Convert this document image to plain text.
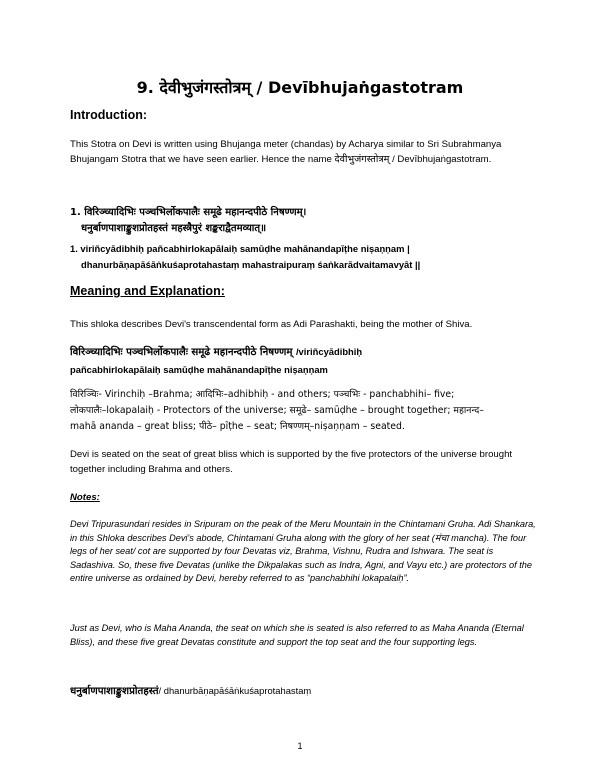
9. देवीभुजंगस्तोत्रम् / Devībhujaṅgastotram
Introduction:
This Stotra on Devi is written using Bhujanga meter (chandas) by Acharya similar to Sri Subrahmanya Bhujangam Stotra that we have seen earlier. Hence the name देवीभुजंगस्तोत्रम् / Devībhujaṅgastotram.
1. विरिञ्च्यादिभिः पञ्चभिर्लोकपालैः समूढे महानन्दपीठे निषण्णम्।
धनुर्बाणपाशाङ्कुशप्रोतहस्तं महस्त्रैपुरं शङ्कराद्वैतमव्यात्॥
1. viriñcyādibhiḥ pañcabhirlokapālaiḥ samūḍhe mahānandapīṭhe niṣaṇṇam |
dhanurbāṇapāśāṅkuśaprotahastaṃ mahastraipuraṃ śaṅkarādvaitamavyāt ||
Meaning and Explanation:
This shloka describes Devi's transcendental form as Adi Parashakti, being the mother of Shiva.
विरिञ्च्यादिभिः पञ्चभिर्लोकपालैः समूढे महानन्दपीठे निषण्णम् /viriñcyādibhiḥ
pañcabhirlokapālaiḥ samūḍhe mahānandapīṭhe niṣaṇṇam
विरिञ्चिः- Virinchiḥ –Brahma; आदिभिः–adhibhiḥ - and others; पञ्चभिः - panchabhihi– five;
लोकपालैः–lokapalaiḥ - Protectors of the universe; समूढे– samūḍhe – brought together; महानन्द–
mahā ananda – great bliss; पीठे– pīṭhe – seat; निषण्णम्–niṣaṇṇam – seated.
Devi is seated on the seat of great bliss which is supported by the five protectors of the universe brought together including Brahma and others.
Notes:
Devi Tripurasundari resides in Sripuram on the peak of the Meru Mountain in the Chintamani Gruha. Adi Shankara, in this Shloka describes Devi's abode, Chintamani Gruha along with the glory of her seat (मंचा mancha). The four legs of her seat/ cot are supported by four Devatas viz, Brahma, Vishnu, Rudra and Ishwara. The seat is Sadashiva. So, these five Devatas (unlike the Dikpalakas such as Indra, Agni, and Vayu etc.) are protectors of the entire universe as ordained by Devi, hereby referred to as “panchabhihi lokapalaiḥ”.
Just as Devi, who is Maha Ananda, the seat on which she is seated is also referred to as Maha Ananda (Eternal Bliss), and these five great Devatas constitute and support the top seat and the four supporting legs.
धनुर्बाणपाशाङ्कुशप्रोतहस्तं/ dhanurbāṇapāśāṅkuśaprotahastaṃ
1
